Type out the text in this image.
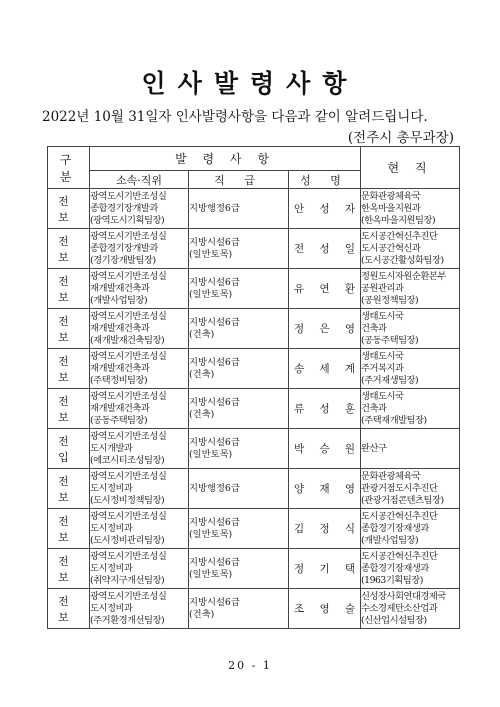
인사발령사항
2022년 10월 31일자 인사발령사항을 다음과 같이 알려드립니다.
(전주시 총무과장)
구 분	발 령 사 항			현 직
	소속·직위	직 급	성 명	
전 보	광역도시기반조성실
종합경기장개발과
(광역도시기획팀장)	지방행정6급	안 성 자	문화관광체육국
한옥마을지원과
(한옥마을지원팀장)

전 보	광역도시기반조성실
종합경기장개발과
(경기장개발팀장)	지방시설6급
(일반토목)	전 성 일	도시공간혁신추진단
도시공간혁신과
(도시공간활성화팀장)

전 보	광역도시기반조성실
재개발재건축과
(개발사업팀장)	지방시설6급
(일반토목)	유 연 환	정원도시자원순환본부
공원관리과
(공원정책팀장)

전 보	광역도시기반조성실
재개발재건축과
(재개발재건축팀장)	지방시설6급
(건축)	정 은 영	생태도시국
건축과
(공동주택팀장)

전 보	광역도시기반조성실
재개발재건축과
(주택정비팀장)	지방시설6급
(건축)	송 세 계	생태도시국
주거복지과
(주거재생팀장)

전 보	광역도시기반조성실
재개발재건축과
(공동주택팀장)	지방시설6급
(건축)	류 성 훈	생태도시국
건축과
(주택재개발팀장)

전 입	광역도시기반조성실
도시개발과
(에코시티조성팀장)	지방시설6급
(일반토목)	박 승 원	완산구

전 보	광역도시기반조성실
도시정비과
(도시정비정책팀장)	지방행정6급	양 재 영	문화관광체육국
관광거점도시추진단
(관광거점콘텐츠팀장)

전 보	광역도시기반조성실
도시정비과
(도시정비관리팀장)	지방시설6급
(일반토목)	김 정 식	도시공간혁신추진단
종합경기장재생과
(개발사업팀장)

전 보	광역도시기반조성실
도시정비과
(취약지구개선팀장)	지방시설6급
(일반토목)	정 기 택	도시공간혁신추진단
종합경기장재생과
(1963기획팀장)

전 보	광역도시기반조성실
도시정비과
(주거환경개선팀장)	지방시설6급
(건축)	조 영 술	신성장사회연대경제국
수소경제탄소산업과
(신산업시설팀장)
20 - 1
